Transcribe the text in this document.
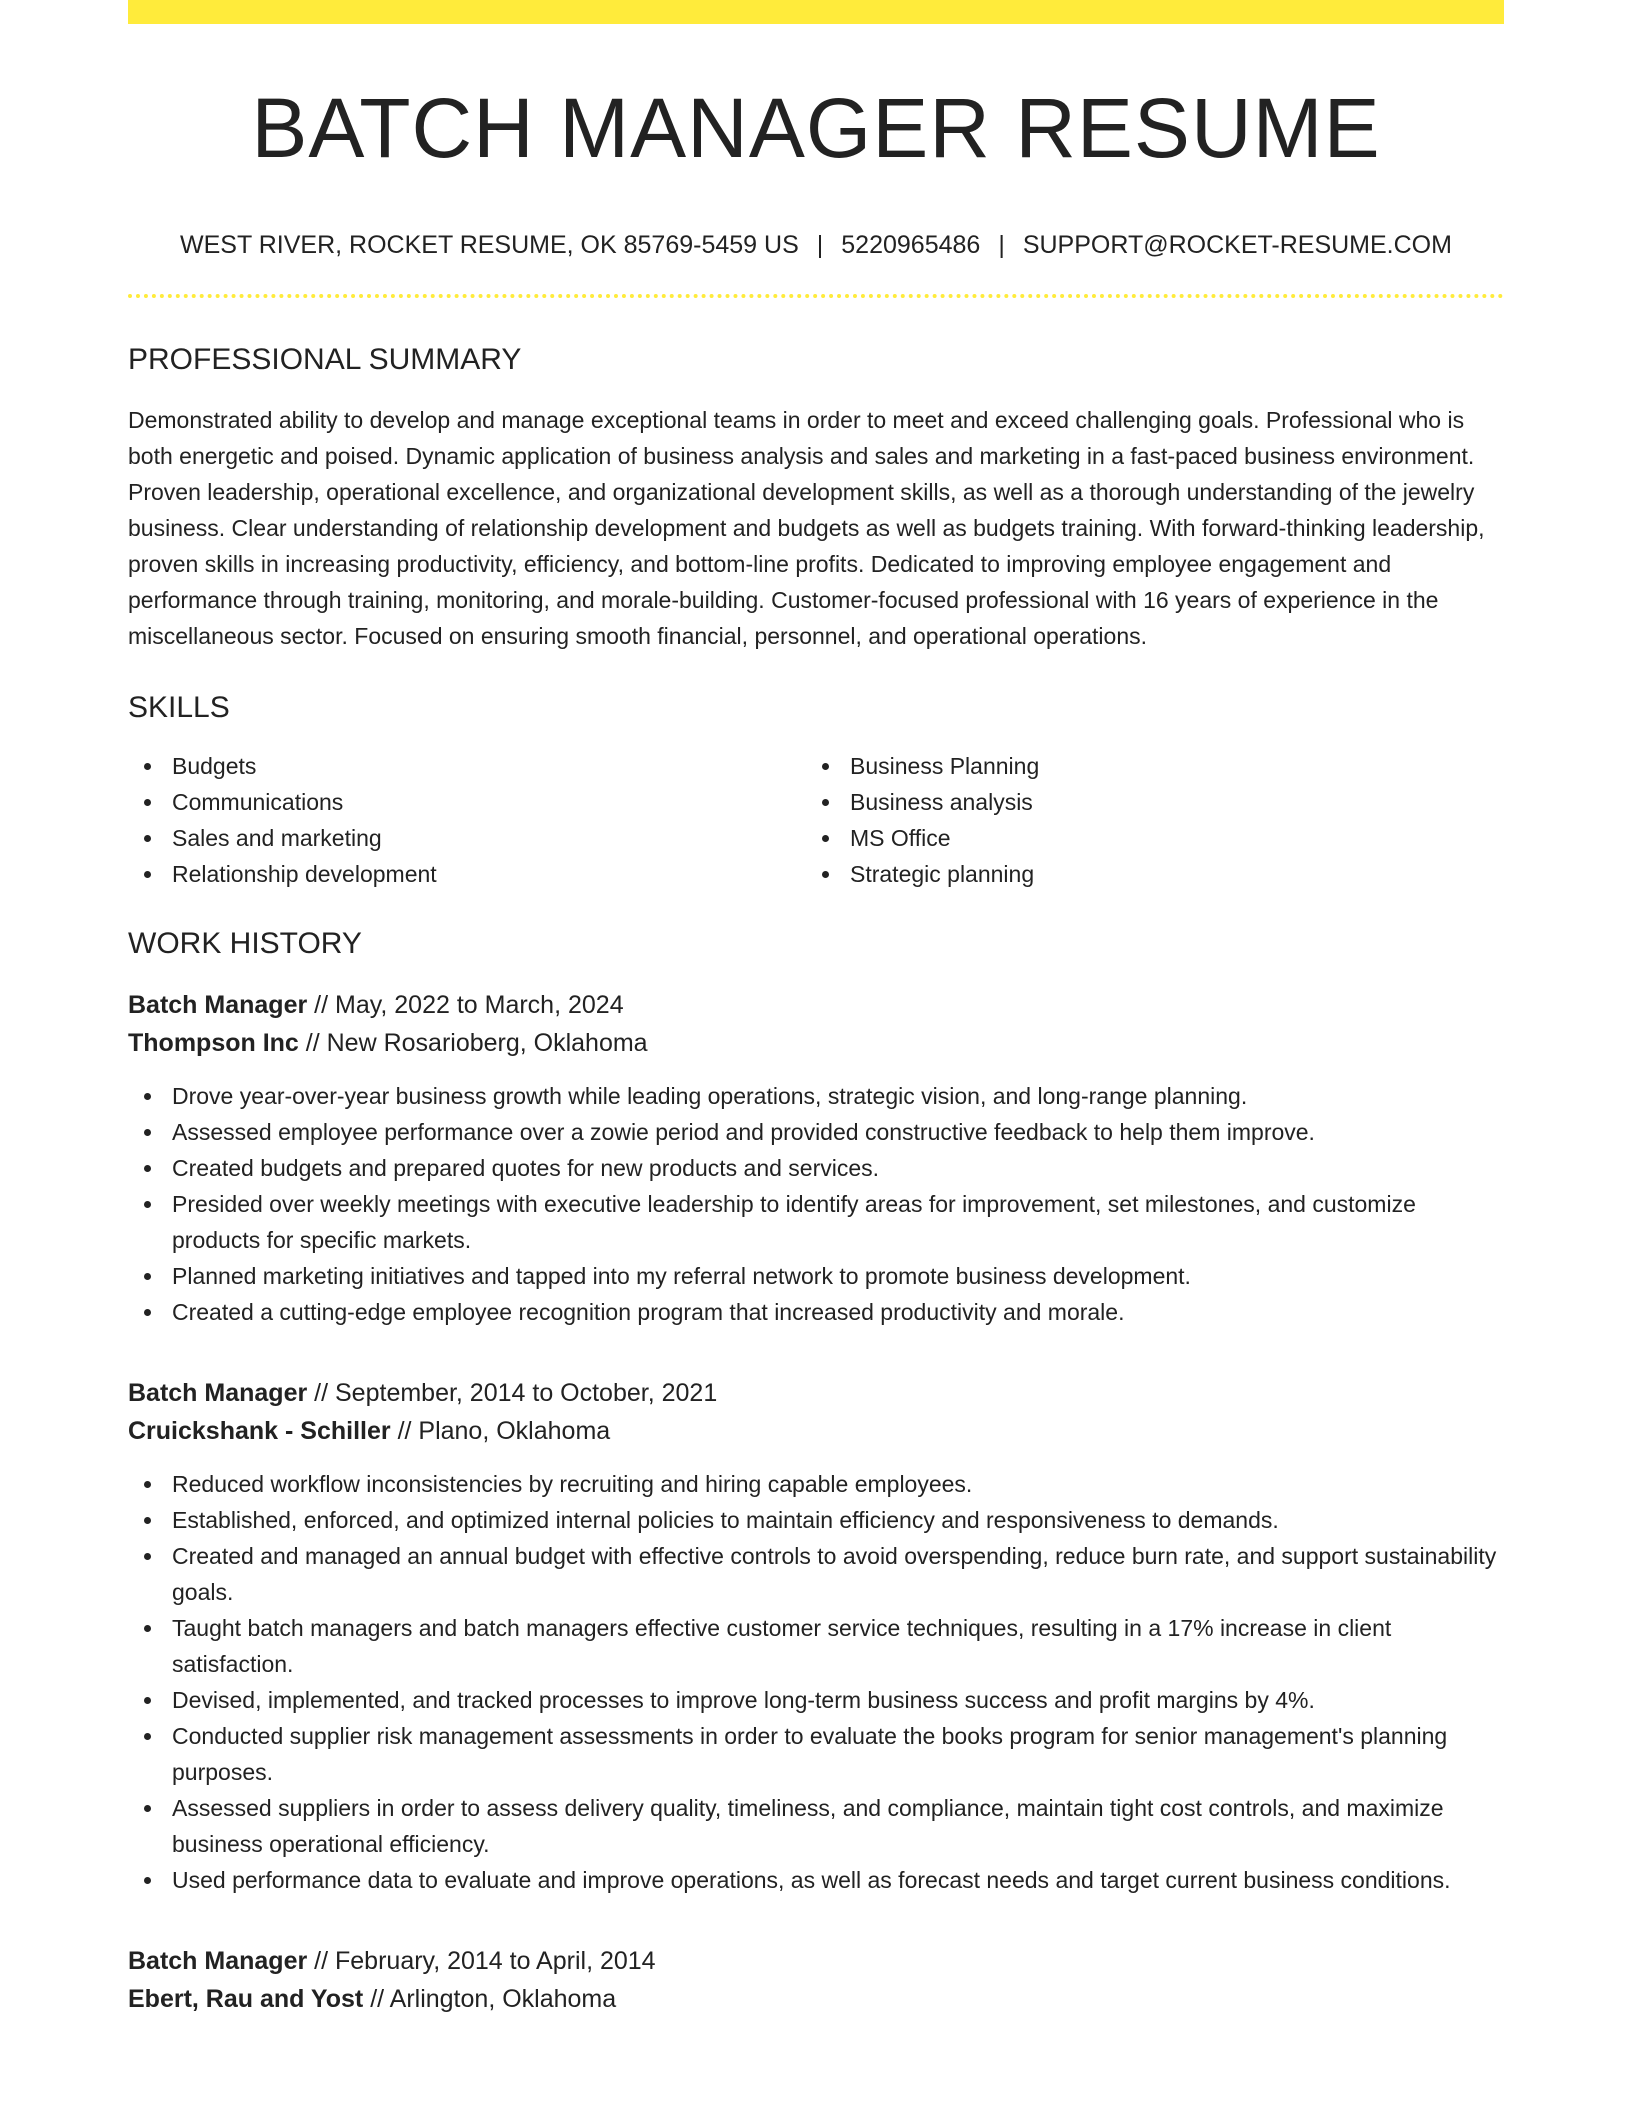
BATCH MANAGER RESUME
WEST RIVER, ROCKET RESUME, OK 85769-5459 US | 5220965486 | SUPPORT@ROCKET-RESUME.COM
PROFESSIONAL SUMMARY
Demonstrated ability to develop and manage exceptional teams in order to meet and exceed challenging goals. Professional who is both energetic and poised. Dynamic application of business analysis and sales and marketing in a fast-paced business environment. Proven leadership, operational excellence, and organizational development skills, as well as a thorough understanding of the jewelry business. Clear understanding of relationship development and budgets as well as budgets training. With forward-thinking leadership, proven skills in increasing productivity, efficiency, and bottom-line profits. Dedicated to improving employee engagement and performance through training, monitoring, and morale-building. Customer-focused professional with 16 years of experience in the miscellaneous sector. Focused on ensuring smooth financial, personnel, and operational operations.
SKILLS
Budgets
Communications
Sales and marketing
Relationship development
Business Planning
Business analysis
MS Office
Strategic planning
WORK HISTORY
Batch Manager // May, 2022 to March, 2024
Thompson Inc // New Rosarioberg, Oklahoma
Drove year-over-year business growth while leading operations, strategic vision, and long-range planning.
Assessed employee performance over a zowie period and provided constructive feedback to help them improve.
Created budgets and prepared quotes for new products and services.
Presided over weekly meetings with executive leadership to identify areas for improvement, set milestones, and customize products for specific markets.
Planned marketing initiatives and tapped into my referral network to promote business development.
Created a cutting-edge employee recognition program that increased productivity and morale.
Batch Manager // September, 2014 to October, 2021
Cruickshank - Schiller // Plano, Oklahoma
Reduced workflow inconsistencies by recruiting and hiring capable employees.
Established, enforced, and optimized internal policies to maintain efficiency and responsiveness to demands.
Created and managed an annual budget with effective controls to avoid overspending, reduce burn rate, and support sustainability goals.
Taught batch managers and batch managers effective customer service techniques, resulting in a 17% increase in client satisfaction.
Devised, implemented, and tracked processes to improve long-term business success and profit margins by 4%.
Conducted supplier risk management assessments in order to evaluate the books program for senior management's planning purposes.
Assessed suppliers in order to assess delivery quality, timeliness, and compliance, maintain tight cost controls, and maximize business operational efficiency.
Used performance data to evaluate and improve operations, as well as forecast needs and target current business conditions.
Batch Manager // February, 2014 to April, 2014
Ebert, Rau and Yost // Arlington, Oklahoma
